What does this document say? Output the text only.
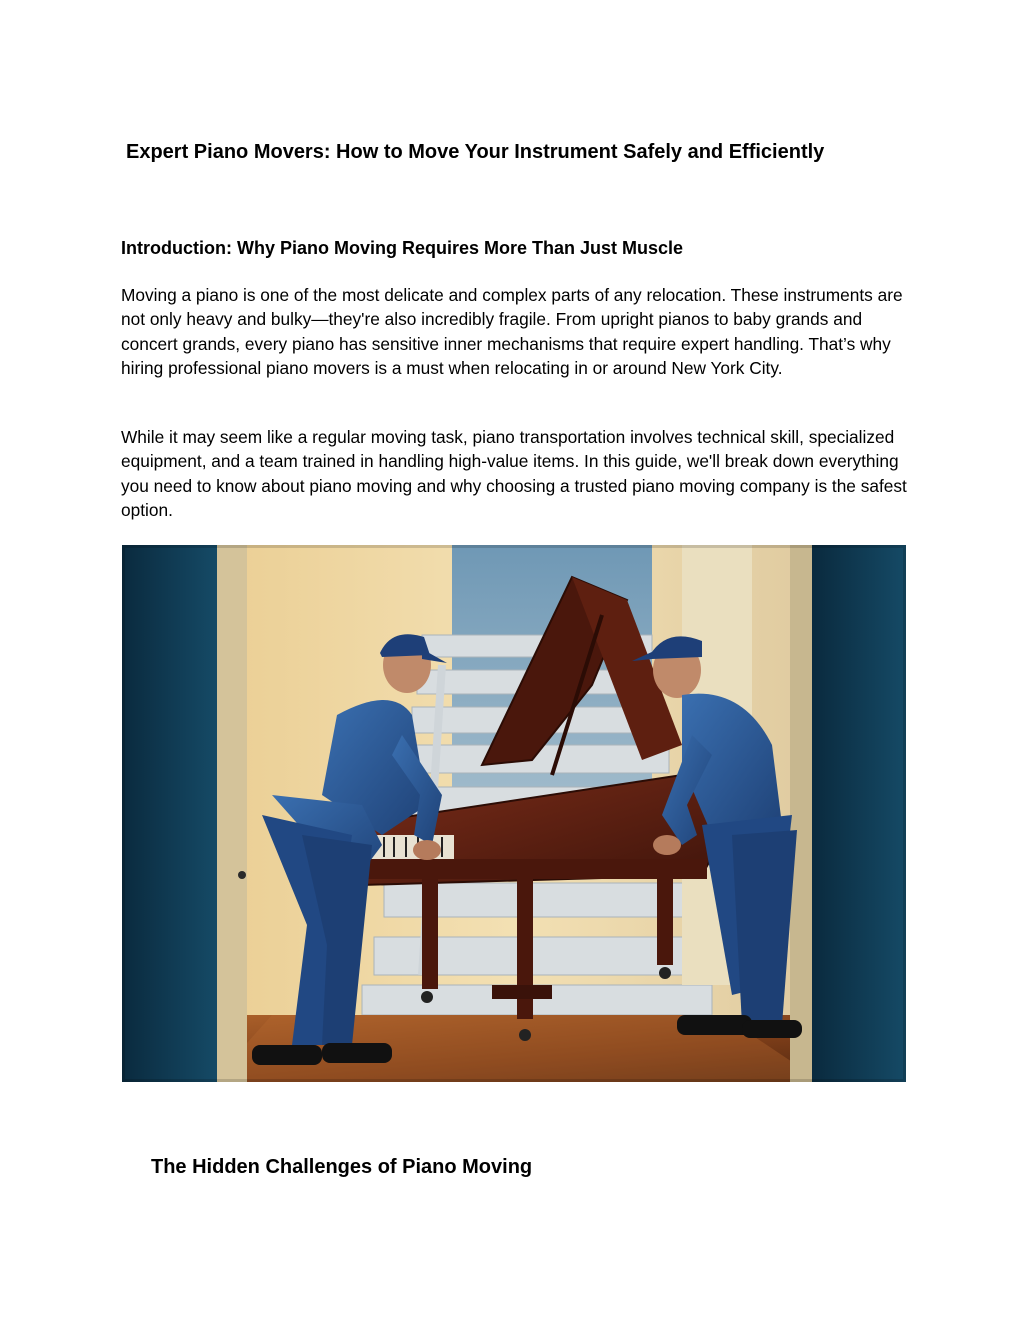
Expert Piano Movers: How to Move Your Instrument Safely and Efficiently
Introduction: Why Piano Moving Requires More Than Just Muscle

Moving a piano is one of the most delicate and complex parts of any relocation. These instruments are not only heavy and bulky—they're also incredibly fragile. From upright pianos to baby grands and concert grands, every piano has sensitive inner mechanisms that require expert handling. That’s why hiring professional piano movers is a must when relocating in or around New York City.

While it may seem like a regular moving task, piano transportation involves technical skill, specialized equipment, and a team trained in handling high-value items. In this guide, we'll break down everything you need to know about piano moving and why choosing a trusted piano moving company is the safest option.

The Hidden Challenges of Piano Moving
